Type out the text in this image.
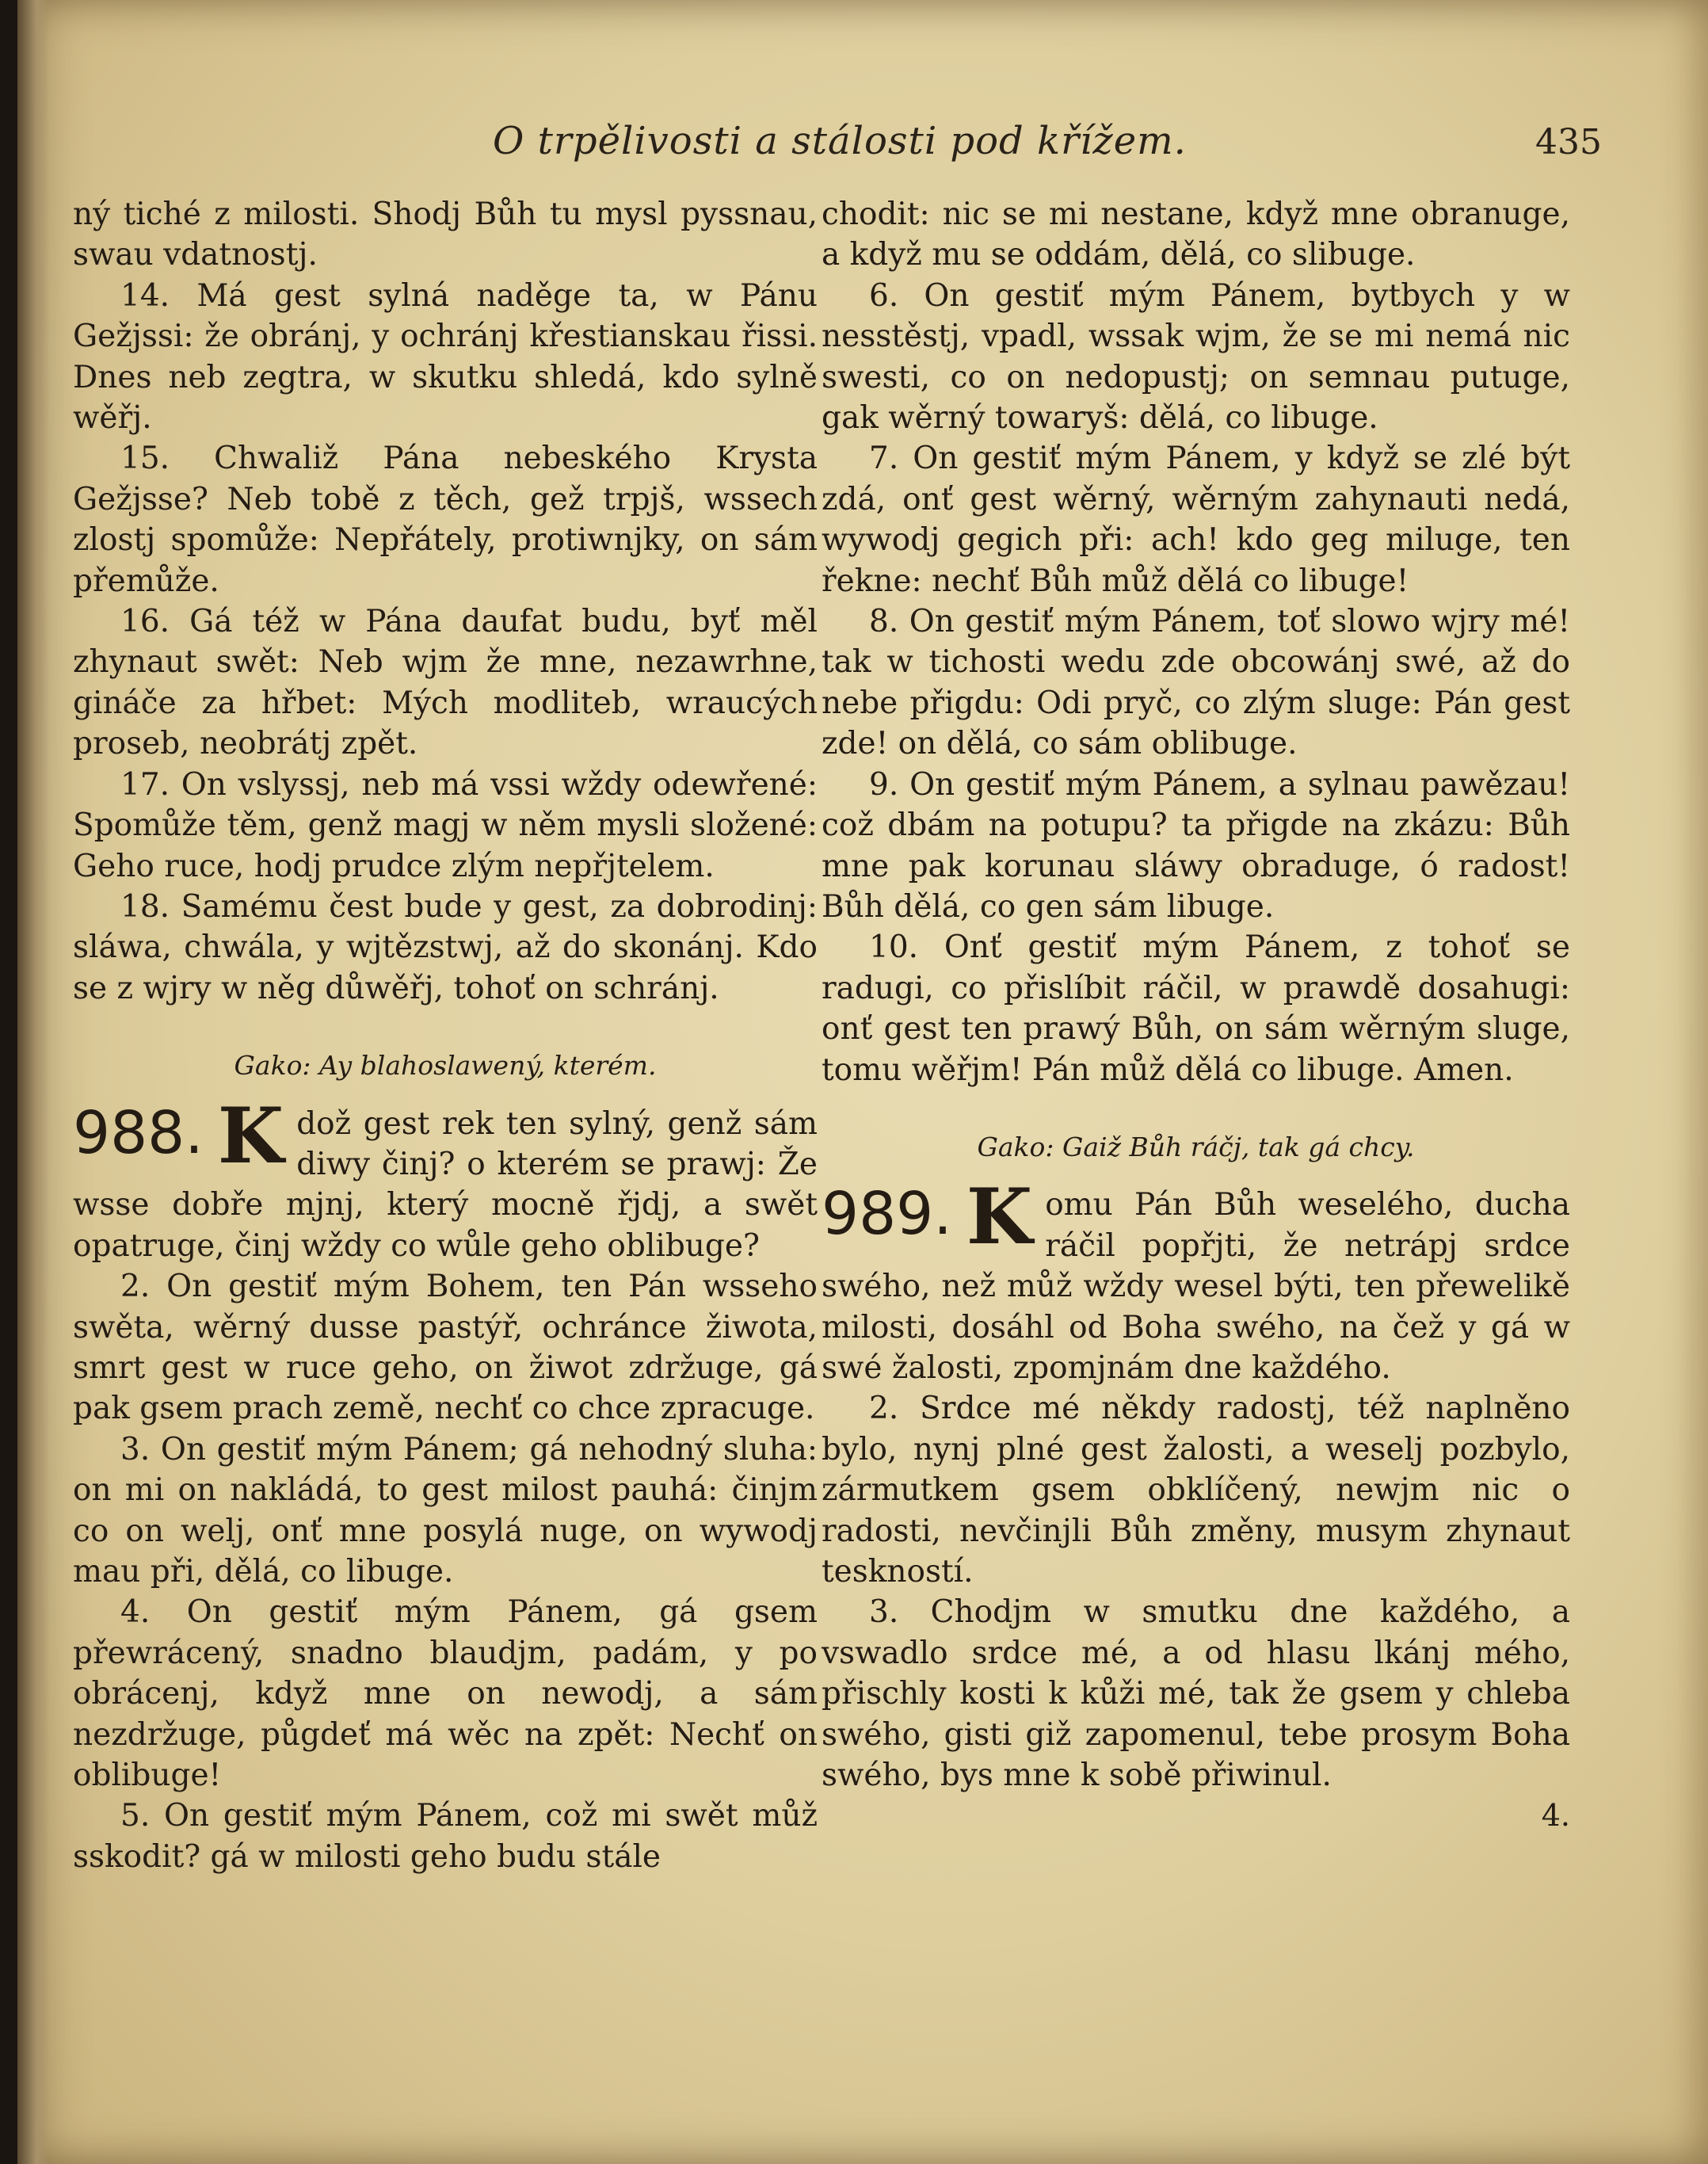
O trpělivosti a stálosti pod křížem.	435

ný tiché z milosti. Shodj Bůh tu mysl pyssnau, swau vdatnostj.

14. Má gest sylná naděge ta, w Pánu Gežjssi: že obránj, y ochránj křestianskau řissi. Dnes neb zegtra, w skutku shledá, kdo sylně wěřj.

15. Chwaliž Pána nebeského Krysta Gežjsse? Neb tobě z těch, gež trpjš, wssech zlostj spomůže: Nepřátely, protiwnjky, on sám přemůže.

16. Gá též w Pána daufat budu, byť měl zhynaut swět: Neb wjm že mne, nezawrhne, gináče za hřbet: Mých modliteb, wraucých proseb, neobrátj zpět.

17. On vslyssj, neb má vssi wždy odewřené: Spomůže těm, genž magj w něm mysli složené: Geho ruce, hodj prudce zlým nepřjtelem.

18. Samému čest bude y gest, za dobrodinj: sláwa, chwála, y wjtězstwj, až do skonánj. Kdo se z wjry w něg důwěřj, tohoť on schránj.

Gako: Ay blahoslawený, kterém.

988. K dož gest rek ten sylný, genž sám diwy činj? o kterém se prawj: Že wsse dobře mjnj, který mocně řjdj, a swět opatruge, činj wždy co wůle geho oblibuge?

2. On gestiť mým Bohem, ten Pán wsseho swěta, wěrný dusse pastýř, ochránce žiwota, smrt gest w ruce geho, on žiwot zdržuge, gá pak gsem prach země, nechť co chce zpracuge.

3. On gestiť mým Pánem; gá nehodný sluha: on mi on nakládá, to gest milost pauhá: činjm co on welj, onť mne posylá nuge, on wywodj mau při, dělá, co libuge.

4. On gestiť mým Pánem, gá gsem přewrácený, snadno blaudjm, padám, y po obrácenj, když mne on newodj, a sám nezdržuge, půgdeť má wěc na zpět: Nechť on oblibuge!

5. On gestiť mým Pánem, což mi swět můž sskodit? gá w milosti geho budu stále

chodit: nic se mi nestane, když mne obranuge, a když mu se oddám, dělá, co slibuge.

6. On gestiť mým Pánem, bytbych y w nesstěstj, vpadl, wssak wjm, že se mi nemá nic swesti, co on nedopustj; on semnau putuge, gak wěrný towaryš: dělá, co libuge.

7. On gestiť mým Pánem, y když se zlé být zdá, onť gest wěrný, wěrným zahynauti nedá, wywodj gegich při: ach! kdo geg miluge, ten řekne: nechť Bůh můž dělá co libuge!

8. On gestiť mým Pánem, toť slowo wjry mé! tak w tichosti wedu zde obcowánj swé, až do nebe přigdu: Odi pryč, co zlým sluge: Pán gest zde! on dělá, co sám oblibuge.

9. On gestiť mým Pánem, a sylnau pawězau! což dbám na potupu? ta přigde na zkázu: Bůh mne pak korunau sláwy obraduge, ó radost! Bůh dělá, co gen sám libuge.

10. Onť gestiť mým Pánem, z tohoť se radugi, co přislíbit ráčil, w prawdě dosahugi: onť gest ten prawý Bůh, on sám wěrným sluge, tomu wěřjm! Pán můž dělá co libuge. Amen.

Gako: Gaiž Bůh ráčj, tak gá chcy.

989. K omu Pán Bůh weselého, ducha ráčil popřjti, že netrápj srdce swého, než můž wždy wesel býti, ten přewelikě milosti, dosáhl od Boha swého, na čež y gá w swé žalosti, zpomjnám dne každého.

2. Srdce mé někdy radostj, též naplněno bylo, nynj plné gest žalosti, a weselj pozbylo, zármutkem gsem obklíčený, newjm nic o radosti, nevčinjli Bůh změny, musym zhynaut teskností.

3. Chodjm w smutku dne každého, a vswadlo srdce mé, a od hlasu lkánj mého, přischly kosti k kůži mé, tak že gsem y chleba swého, gisti giž zapomenul, tebe prosym Boha swého, bys mne k sobě přiwinul.

4.
